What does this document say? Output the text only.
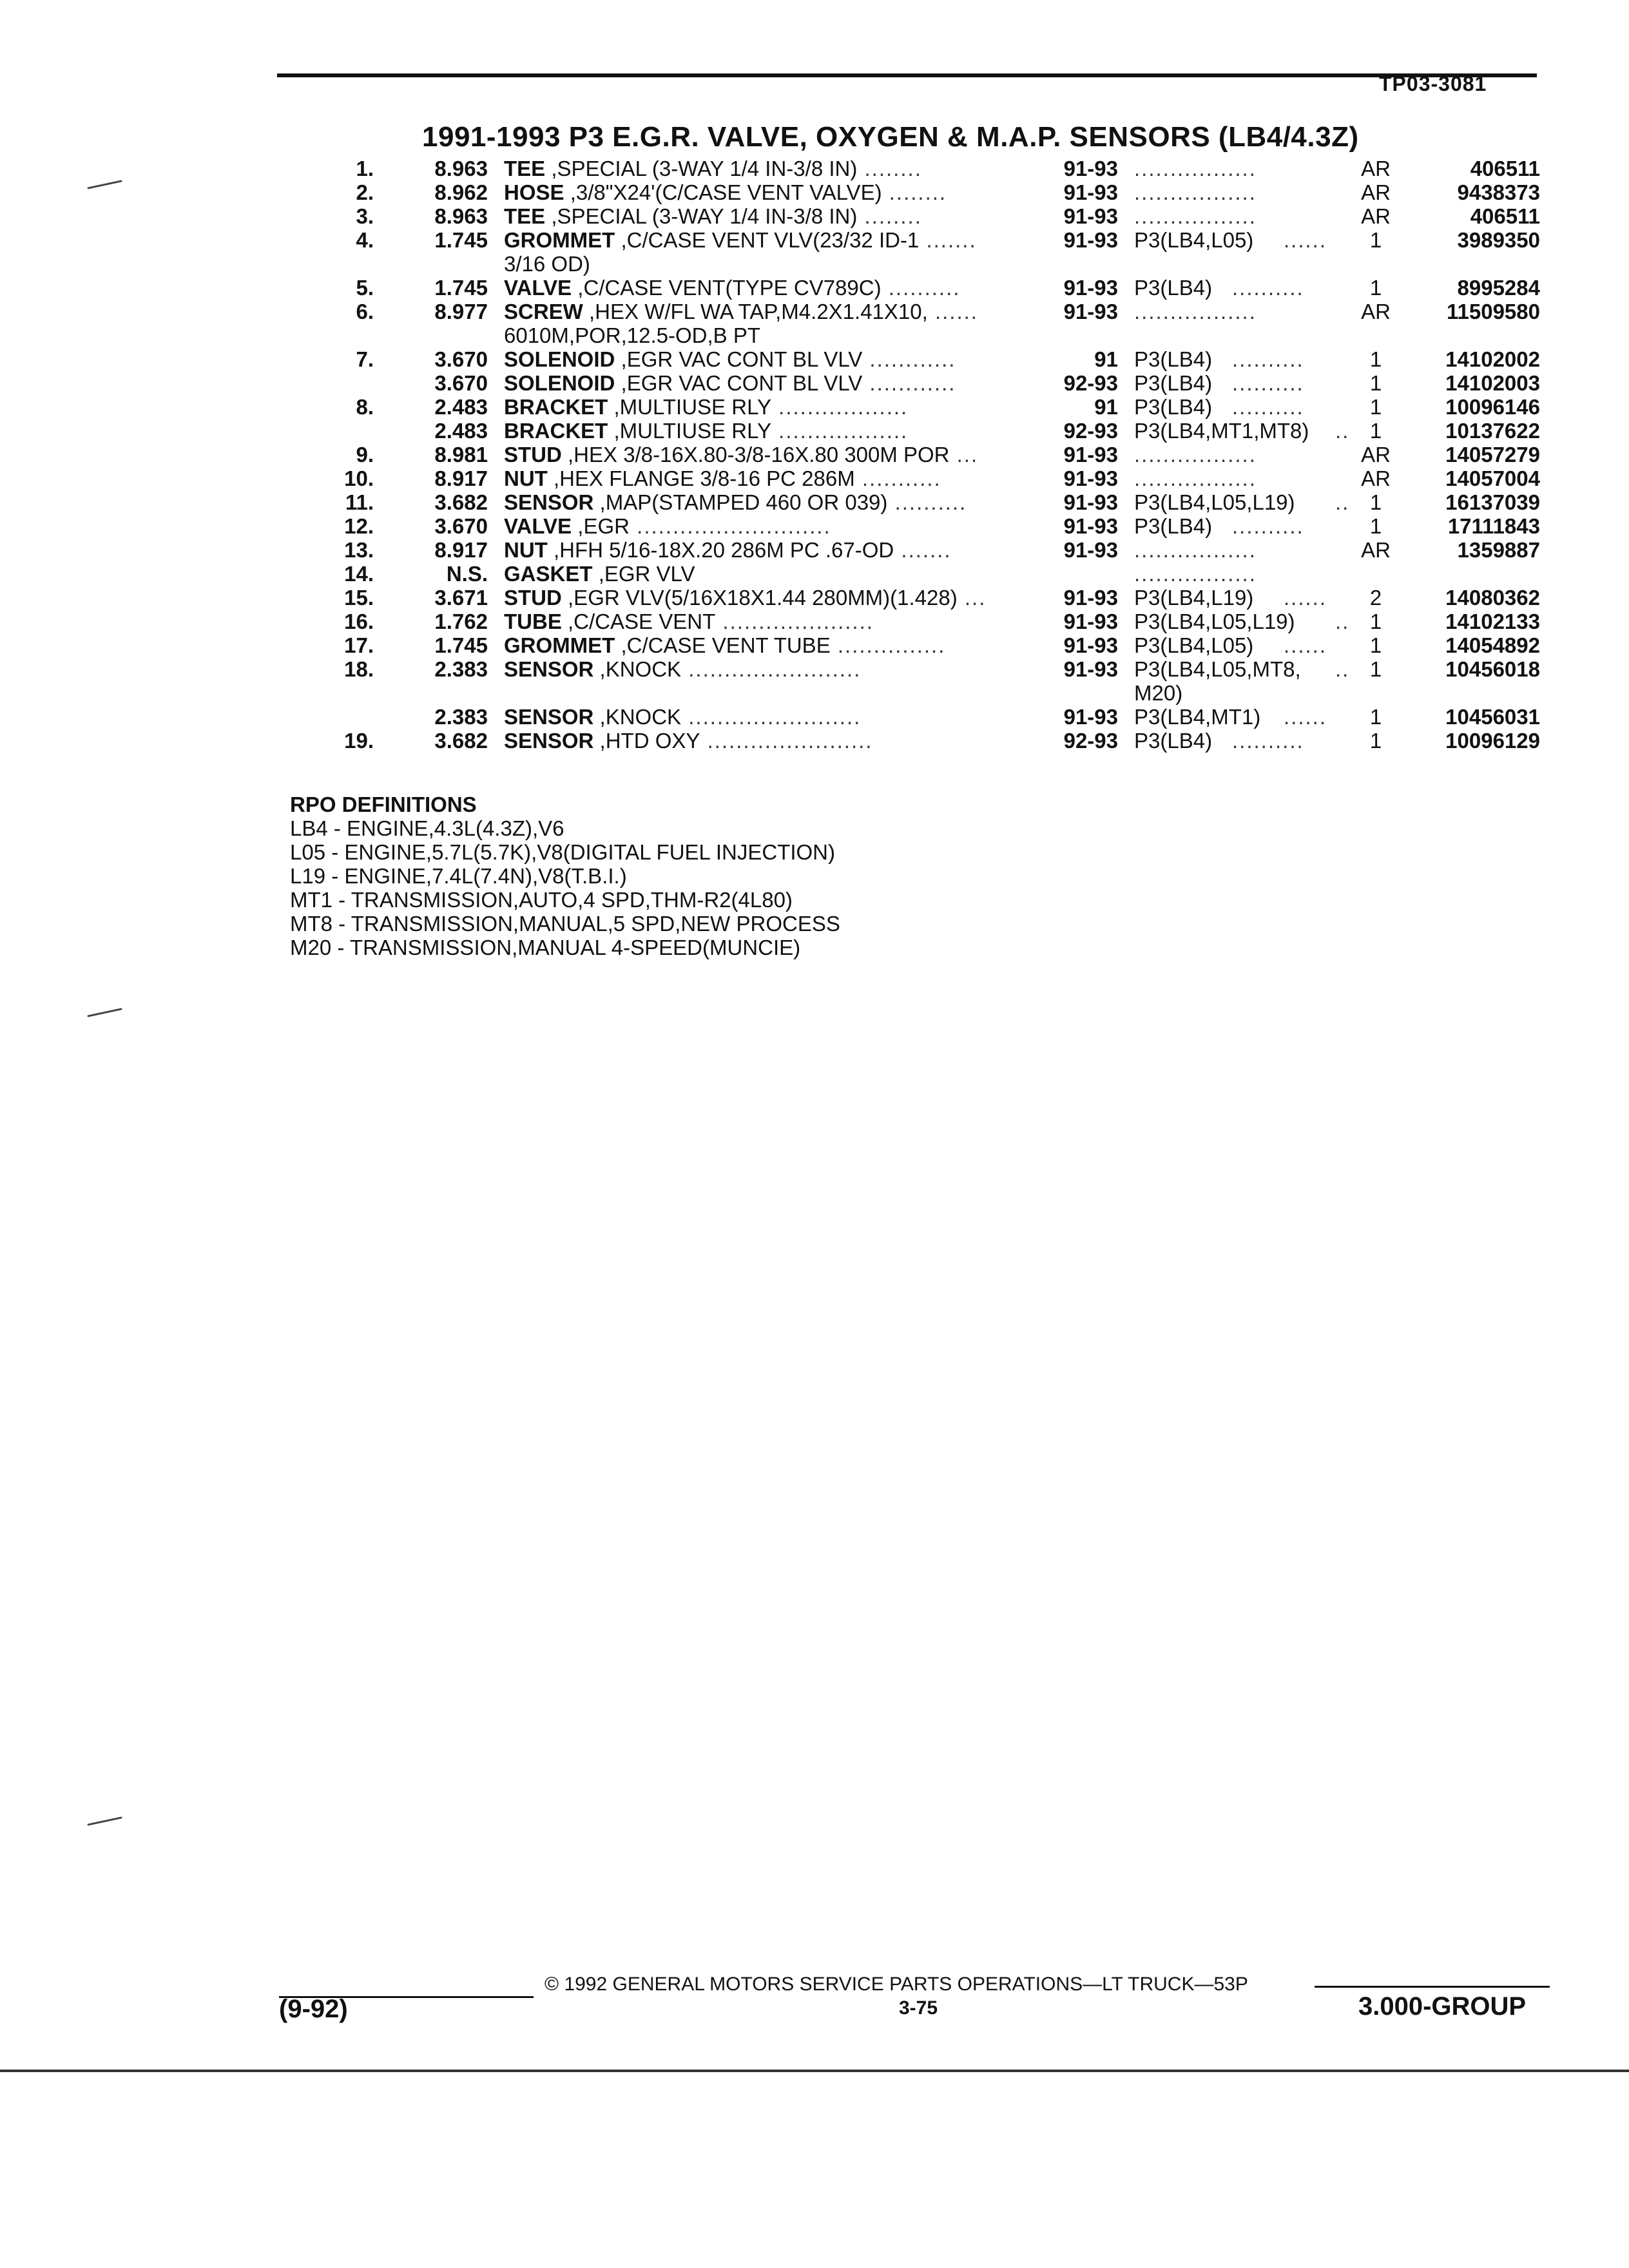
TP03-3081
1991-1993 P3 E.G.R. VALVE, OXYGEN & M.A.P. SENSORS (LB4/4.3Z)
1.	8.963 TEE ,SPECIAL (3-WAY 1/4 IN-3/8 IN) ........	91-93 .................	AR	406511
2.	8.962 HOSE ,3/8"X24'(C/CASE VENT VALVE) ........	91-93 .................	AR	9438373
3.	8.963 TEE ,SPECIAL (3-WAY 1/4 IN-3/8 IN) ........	91-93 .................	AR	406511
4.	1.745 GROMMET ,C/CASE VENT VLV(23/32 ID-1 .......	91-93 P3(LB4,L05) ......	1	3989350
3/16 OD)
5.	1.745 VALVE ,C/CASE VENT(TYPE CV789C) ..........	91-93 P3(LB4) ..........	1	8995284
6.	8.977 SCREW ,HEX W/FL WA TAP,M4.2X1.41X10, ......	91-93 .................	AR	11509580
6010M,POR,12.5-OD,B PT
7.	3.670 SOLENOID ,EGR VAC CONT BL VLV ............	91 P3(LB4) ..........	1	14102002
3.670 SOLENOID ,EGR VAC CONT BL VLV ............	92-93 P3(LB4) ..........	1	14102003
8.	2.483 BRACKET ,MULTIUSE RLY ..................	91 P3(LB4) ..........	1	10096146
2.483 BRACKET ,MULTIUSE RLY ..................	92-93 P3(LB4,MT1,MT8) .. 1	10137622
9.	8.981 STUD ,HEX 3/8-16X.80-3/8-16X.80 300M POR ...	91-93 .................	AR	14057279
10.	8.917 NUT ,HEX FLANGE 3/8-16 PC 286M ...........	91-93 .................	AR	14057004
11.	3.682 SENSOR ,MAP(STAMPED 460 OR 039) ..........	91-93 P3(LB4,L05,L19) .. 1	16137039
12.	3.670 VALVE ,EGR ...........................	91-93 P3(LB4) ..........	1	17111843
13.	8.917 NUT ,HFH 5/16-18X.20 286M PC .67-OD .......	91-93 .................	AR	1359887
14.	N.S. GASKET ,EGR VLV	.................
15.	3.671 STUD ,EGR VLV(5/16X18X1.44 280MM)(1.428) ...	91-93 P3(LB4,L19) ......	2	14080362
16.	1.762 TUBE ,C/CASE VENT .....................	91-93 P3(LB4,L05,L19) .. 1	14102133
17.	1.745 GROMMET ,C/CASE VENT TUBE ...............	91-93 P3(LB4,L05) ......	1	14054892
18.	2.383 SENSOR ,KNOCK ........................	91-93 P3(LB4,L05,MT8, .. 1	10456018
M20)
2.383 SENSOR ,KNOCK ........................	91-93 P3(LB4,MT1) ......	1	10456031
19.	3.682 SENSOR ,HTD OXY .......................	92-93 P3(LB4) ..........	1	10096129
RPO DEFINITIONS
LB4 - ENGINE,4.3L(4.3Z),V6
L05 - ENGINE,5.7L(5.7K),V8(DIGITAL FUEL INJECTION)
L19 - ENGINE,7.4L(7.4N),V8(T.B.I.)
MT1 - TRANSMISSION,AUTO,4 SPD,THM-R2(4L80)
MT8 - TRANSMISSION,MANUAL,5 SPD,NEW PROCESS
M20 - TRANSMISSION,MANUAL 4-SPEED(MUNCIE)
© 1992 GENERAL MOTORS SERVICE PARTS OPERATIONS—LT TRUCK—53P
3-75
(9-92)	3.000-GROUP
